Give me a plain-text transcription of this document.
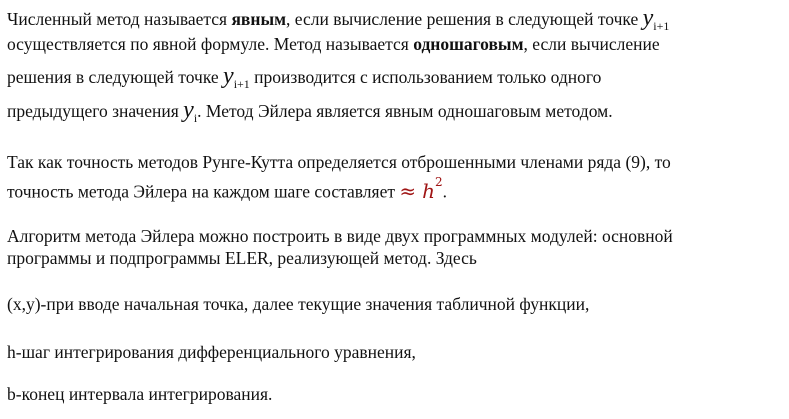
Численный метод называется явным, если вычисление решения в следующей точке $y_{i+1}$
осуществляется по явной формуле. Метод называется одношаговым, если вычисление
решения в следующей точке $y_{i+1}$ производится с использованием только одного
предыдущего значения $y_i$. Метод Эйлера является явным одношаговым методом.
Так как точность методов Рунге-Кутта определяется отброшенными членами ряда (9), то
точность метода Эйлера на каждом шаге составляет ≈ $h^2$.
Алгоритм метода Эйлера можно построить в виде двух программных модулей: основной
программы и подпрограммы ELER, реализующей метод. Здесь
(x,y)-при вводе начальная точка, далее текущие значения табличной функции,
h-шаг интегрирования дифференциального уравнения,
b-конец интервала интегрирования.
